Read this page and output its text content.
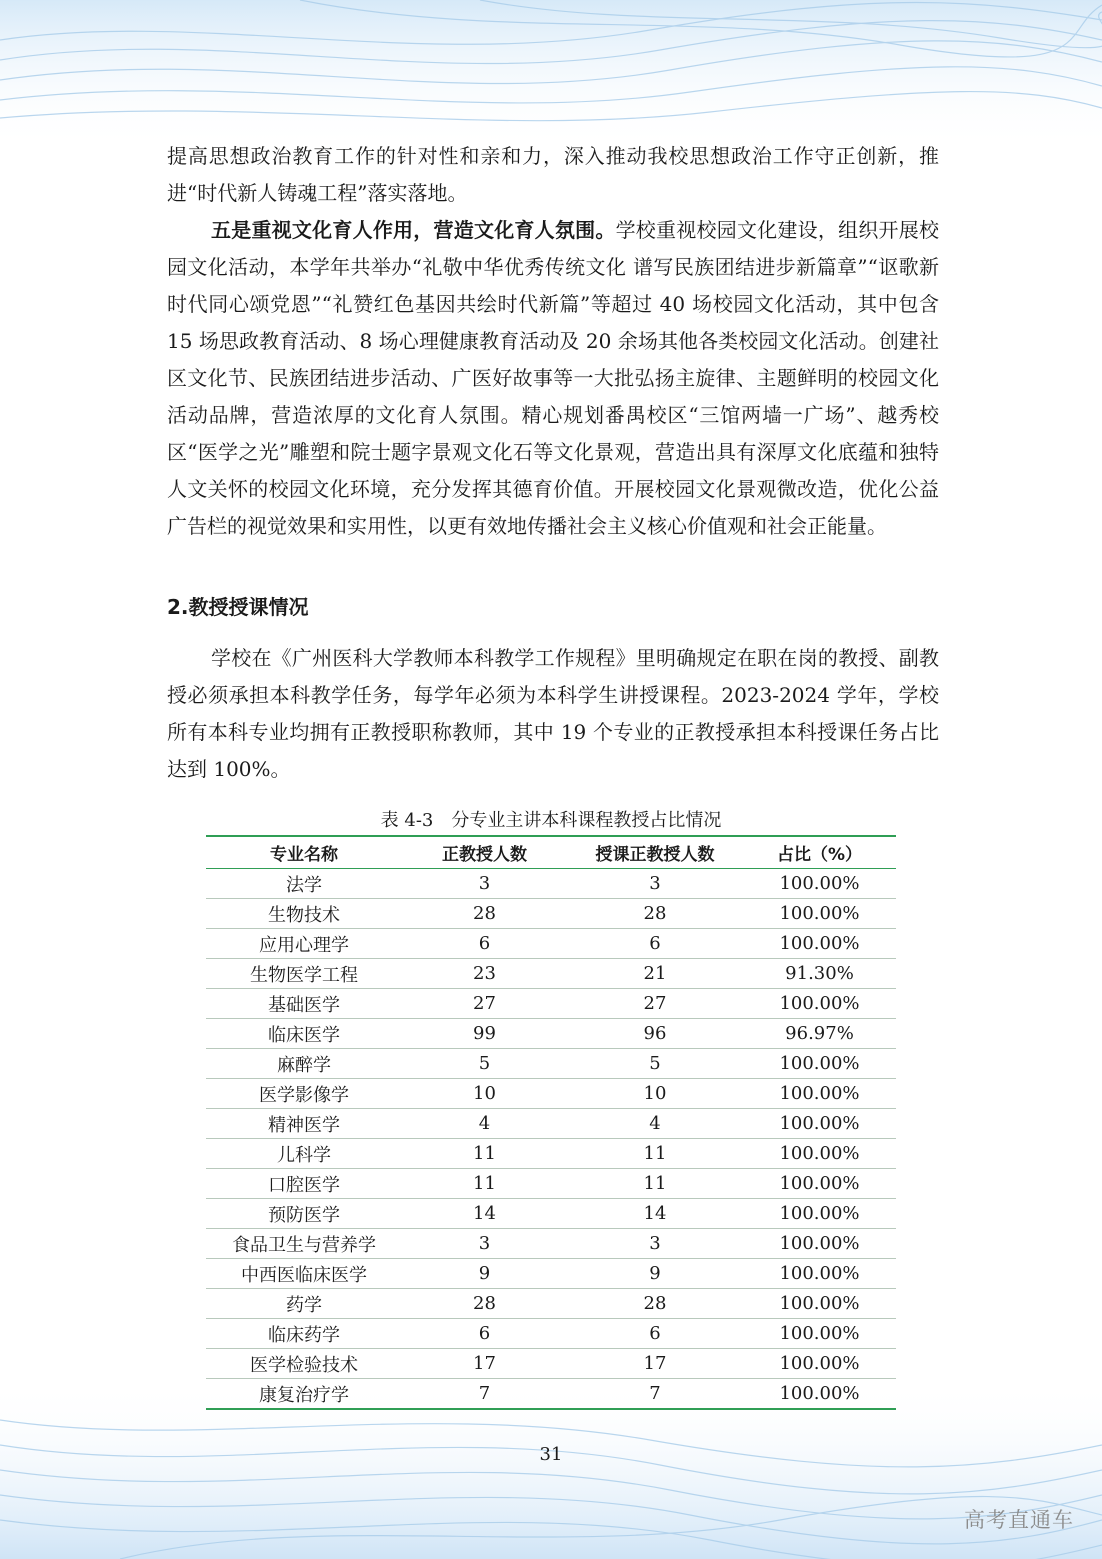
提高思想政治教育工作的针对性和亲和力，深入推动我校思想政治工作守正创新，推进“时代新人铸魂工程”落实落地。

五是重视文化育人作用，营造文化育人氛围。学校重视校园文化建设，组织开展校园文化活动，本学年共举办“礼敬中华优秀传统文化 谱写民族团结进步新篇章”“讴歌新时代同心颂党恩”“礼赞红色基因共绘时代新篇”等超过 40 场校园文化活动，其中包含 15 场思政教育活动、8 场心理健康教育活动及 20 余场其他各类校园文化活动。创建社区文化节、民族团结进步活动、广医好故事等一大批弘扬主旋律、主题鲜明的校园文化活动品牌，营造浓厚的文化育人氛围。精心规划番禺校区“三馆两墙一广场”、越秀校区“医学之光”雕塑和院士题字景观文化石等文化景观，营造出具有深厚文化底蕴和独特人文关怀的校园文化环境，充分发挥其德育价值。开展校园文化景观微改造，优化公益广告栏的视觉效果和实用性，以更有效地传播社会主义核心价值观和社会正能量。

2.教授授课情况

学校在《广州医科大学教师本科教学工作规程》里明确规定在职在岗的教授、副教授必须承担本科教学任务，每学年必须为本科学生讲授课程。2023-2024 学年，学校所有本科专业均拥有正教授职称教师，其中 19 个专业的正教授承担本科授课任务占比达到 100%。

表 4-3 分专业主讲本科课程教授占比情况
专业名称	正教授人数	授课正教授人数	占比（%）
法学	3	3	100.00%
生物技术	28	28	100.00%
应用心理学	6	6	100.00%
生物医学工程	23	21	91.30%
基础医学	27	27	100.00%
临床医学	99	96	96.97%
麻醉学	5	5	100.00%
医学影像学	10	10	100.00%
精神医学	4	4	100.00%
儿科学	11	11	100.00%
口腔医学	11	11	100.00%
预防医学	14	14	100.00%
食品卫生与营养学	3	3	100.00%
中西医临床医学	9	9	100.00%
药学	28	28	100.00%
临床药学	6	6	100.00%
医学检验技术	17	17	100.00%
康复治疗学	7	7	100.00%
31
高考直通车
